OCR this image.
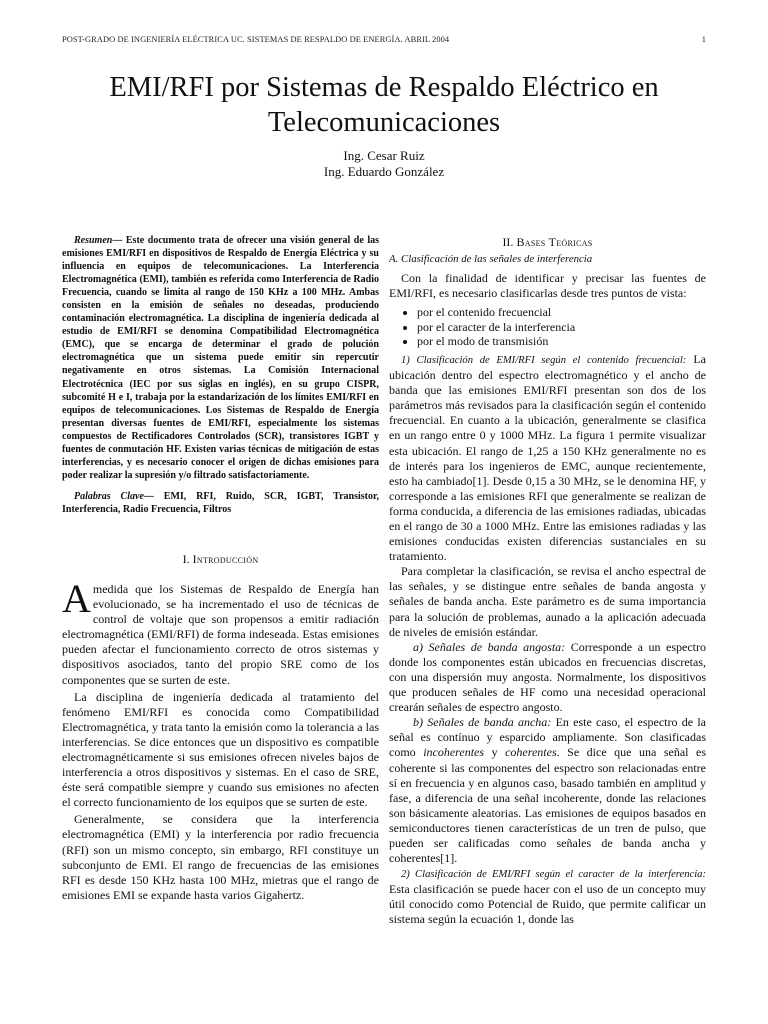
POST-GRADO DE INGENIERÍA ELÉCTRICA UC. SISTEMAS DE RESPALDO DE ENERGÍA. ABRIL 2004	1
EMI/RFI por Sistemas de Respaldo Eléctrico en
Telecomunicaciones
Ing. Cesar Ruiz
Ing. Eduardo González

Resumen— Este documento trata de ofrecer una visión general de las emisiones EMI/RFI en dispositivos de Respaldo de Energía Eléctrica y su influencia en equipos de telecomunicaciones. La Interferencia Electromagnética (EMI), también es referida como Interferencia de Radio Frecuencia, cuando se limita al rango de 150 KHz a 100 MHz. Ambas consisten en la emisión de señales no deseadas, produciendo contaminación electromagnética. La disciplina de ingeniería dedicada al estudio de EMI/RFI se denomina Compatibilidad Electromagnética (EMC), que se encarga de determinar el grado de polución electromagnética que un sistema puede emitir sin repercutir negativamente en otros sistemas. La Comisión Internacional Electrotécnica (IEC por sus siglas en inglés), en su grupo CISPR, subcomité H e I, trabaja por la estandarización de los límites EMI/RFI en equipos de telecomunicaciones. Los Sistemas de Respaldo de Energía presentan diversas fuentes de EMI/RFI, especialmente los sistemas compuestos de Rectificadores Controlados (SCR), transistores IGBT y fuentes de conmutación HF. Existen varias técnicas de mitigación de estas interferencias, y es necesario conocer el origen de dichas emisiones para poder realizar la supresión y/o filtrado satisfactoriamente.

Palabras Clave— EMI, RFI, Ruido, SCR, IGBT, Transistor, Interferencia, Radio Frecuencia, Filtros

I. Introducción

Amedida que los Sistemas de Respaldo de Energía han evolucionado, se ha incrementado el uso de técnicas de control de voltaje que son propensos a emitir radiación electromagnética (EMI/RFI) de forma indeseada. Estas emisiones pueden afectar el funcionamiento correcto de otros sistemas y dispositivos asociados, tanto del propio SRE como de los componentes que se surten de este.

La disciplina de ingeniería dedicada al tratamiento del fenómeno EMI/RFI es conocida como Compatibilidad Electromagnética, y trata tanto la emisión como la tolerancia a las interferencias. Se dice entonces que un dispositivo es compatible electromagnéticamente si sus emisiones ofrecen niveles bajos de interferencia a otros dispositivos y sistemas. En el caso de SRE, éste será compatible siempre y cuando sus emisiones no afecten el correcto funcionamiento de los equipos que se surten de este.

Generalmente, se considera que la interferencia electromagnética (EMI) y la interferencia por radio frecuencia (RFI) son un mismo concepto, sin embargo, RFI constituye un subconjunto de EMI. El rango de frecuencias de las emisiones RFI es desde 150 KHz hasta 100 MHz, mietras que el rango de emisiones EMI se expande hasta varios Gigahertz.

II. Bases Teóricas
A. Clasificación de las señales de interferencia

Con la finalidad de identificar y precisar las fuentes de EMI/RFI, es necesario clasificarlas desde tres puntos de vista:

• por el contenido frecuencial
• por el caracter de la interferencia
• por el modo de transmisión

1) Clasificación de EMI/RFI según el contenido frecuencial: La ubicación dentro del espectro electromagnético y el ancho de banda que las emisiones EMI/RFI presentan son dos de los parámetros más revisados para la clasificación según el contenido frecuencial. En cuanto a la ubicación, generalmente se clasifica en un rango entre 0 y 1000 MHz. La figura 1 permite visualizar esta ubicación. El rango de 1,25 a 150 KHz generalmente no es de interés para los ingenieros de EMC, aunque recientemente, esto ha cambiado[1]. Desde 0,15 a 30 MHz, se le denomina HF, y corresponde a las emisiones RFI que generalmente se realizan de forma conducida, a diferencia de las emisiones radiadas, ubicadas en el rango de 30 a 1000 MHz. Entre las emisiones radiadas y las emisiones conducidas existen diferencias sustanciales en su tratamiento.

Para completar la clasificación, se revisa el ancho espectral de las señales, y se distingue entre señales de banda angosta y señales de banda ancha. Este parámetro es de suma importancia para la solución de problemas, aunado a la aplicación adecuada de niveles de emisión estándar.

a) Señales de banda angosta: Corresponde a un espectro donde los componentes están ubicados en frecuencias discretas, con una dispersión muy angosta. Normalmente, los dispositivos que producen señales de HF como una necesidad operacional crearán señales de espectro angosto.

b) Señales de banda ancha: En este caso, el espectro de la señal es contínuo y esparcido ampliamente. Son clasificadas como incoherentes y coherentes. Se dice que una señal es coherente si las componentes del espectro son relacionadas entre sí en frecuencia y en algunos caso, basado también en amplitud y fase, a diferencia de una señal incoherente, donde las relaciones son básicamente aleatorias. Las emisiones de equipos basados en semiconductores tienen características de un tren de pulso, que pueden ser calificadas como señales de banda ancha y coherentes[1].

2) Clasificación de EMI/RFI según el caracter de la interferencia: Esta clasificación se puede hacer con el uso de un concepto muy útil conocido como Potencial de Ruido, que permite calificar un sistema según la ecuación 1, donde las
